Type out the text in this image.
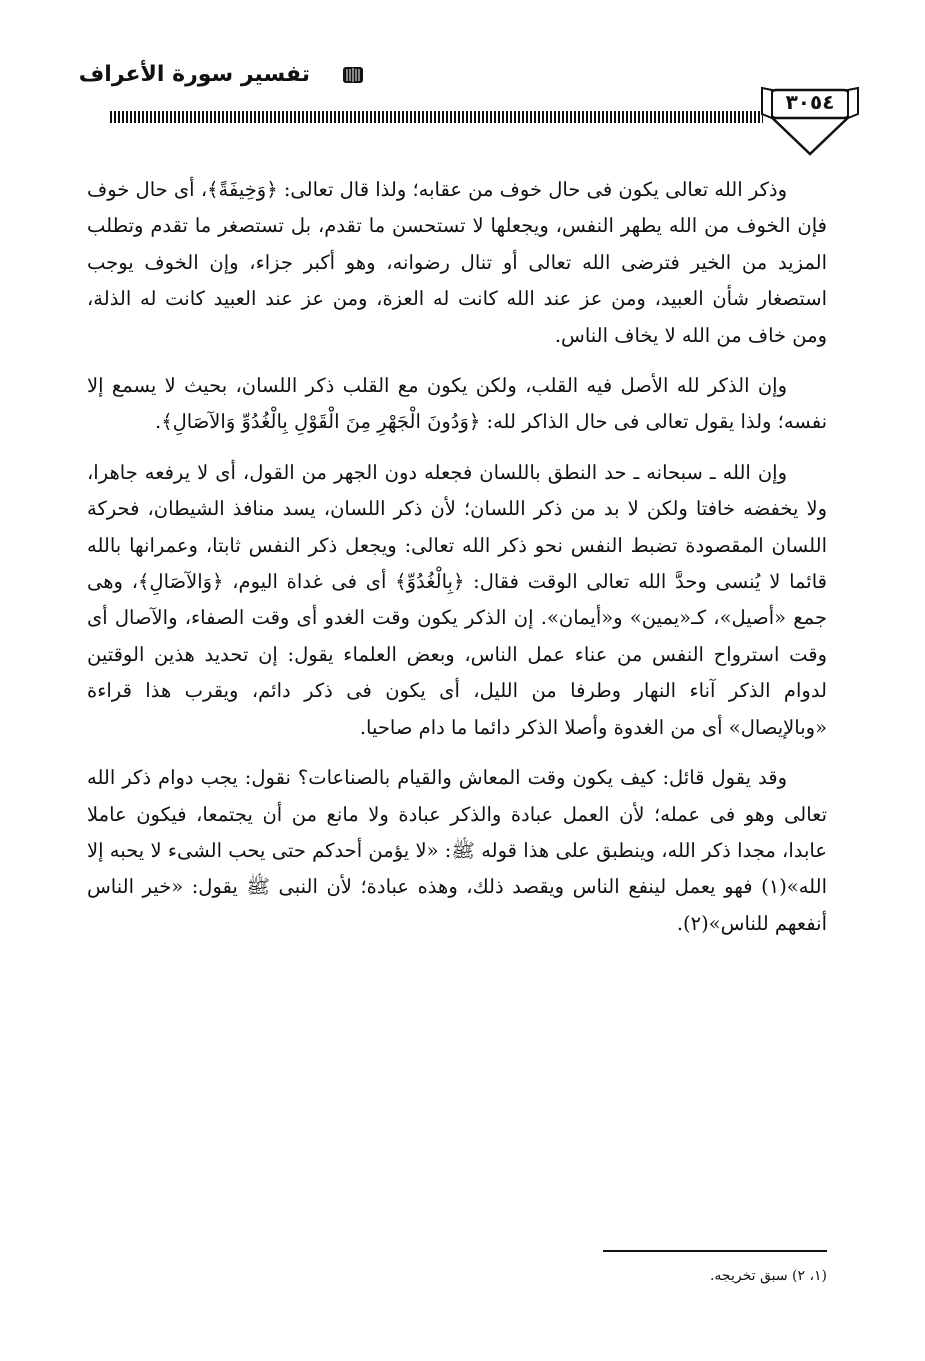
تفسير سورة الأعراف
٣٠٥٤

وذكر الله تعالى يكون فى حال خوف من عقابه؛ ولذا قال تعالى: ﴿وَخِيفَةً﴾، أى حال خوف فإن الخوف من الله يطهر النفس، ويجعلها لا تستحسن ما تقدم، بل تستصغر ما تقدم وتطلب المزيد من الخير فترضى الله تعالى أو تنال رضوانه، وهو أكبر جزاء، وإن الخوف يوجب استصغار شأن العبيد، ومن عز عند الله كانت له العزة، ومن عز عند العبيد كانت له الذلة، ومن خاف من الله لا يخاف الناس.

وإن الذكر لله الأصل فيه القلب، ولكن يكون مع القلب ذكر اللسان، بحيث لا يسمع إلا نفسه؛ ولذا يقول تعالى فى حال الذاكر لله: ﴿وَدُونَ الْجَهْرِ مِنَ الْقَوْلِ بِالْغُدُوِّ وَالآصَالِ﴾.

وإن الله ـ سبحانه ـ حد النطق باللسان فجعله دون الجهر من القول، أى لا يرفعه جاهرا، ولا يخفضه خافتا ولكن لا بد من ذكر اللسان؛ لأن ذكر اللسان، يسد منافذ الشيطان، فحركة اللسان المقصودة تضبط النفس نحو ذكر الله تعالى: ويجعل ذكر النفس ثابتا، وعمرانها بالله قائما لا يُنسى وحدَّ الله تعالى الوقت فقال: ﴿بِالْغُدُوِّ﴾ أى فى غداة اليوم، ﴿وَالآصَالِ﴾، وهى جمع «أصيل»، كـ«يمين» و«أيمان». إن الذكر يكون وقت الغدو أى وقت الصفاء، والآصال أى وقت استرواح النفس من عناء عمل الناس، وبعض العلماء يقول: إن تحديد هذين الوقتين لدوام الذكر آناء النهار وطرفا من الليل، أى يكون فى ذكر دائم، ويقرب هذا قراءة «وبالإيصال» أى من الغدوة وأصلا الذكر دائما ما دام صاحيا.

وقد يقول قائل: كيف يكون وقت المعاش والقيام بالصناعات؟ نقول: يجب دوام ذكر الله تعالى وهو فى عمله؛ لأن العمل عبادة والذكر عبادة ولا مانع من أن يجتمعا، فيكون عاملا عابدا، مجدا ذكر الله، وينطبق على هذا قوله ﷺ: «لا يؤمن أحدكم حتى يحب الشىء لا يحبه إلا الله»(١) فهو يعمل لينفع الناس ويقصد ذلك، وهذه عبادة؛ لأن النبى ﷺ يقول: «خير الناس أنفعهم للناس»(٢).

(١، ٢) سبق تخريجه.
